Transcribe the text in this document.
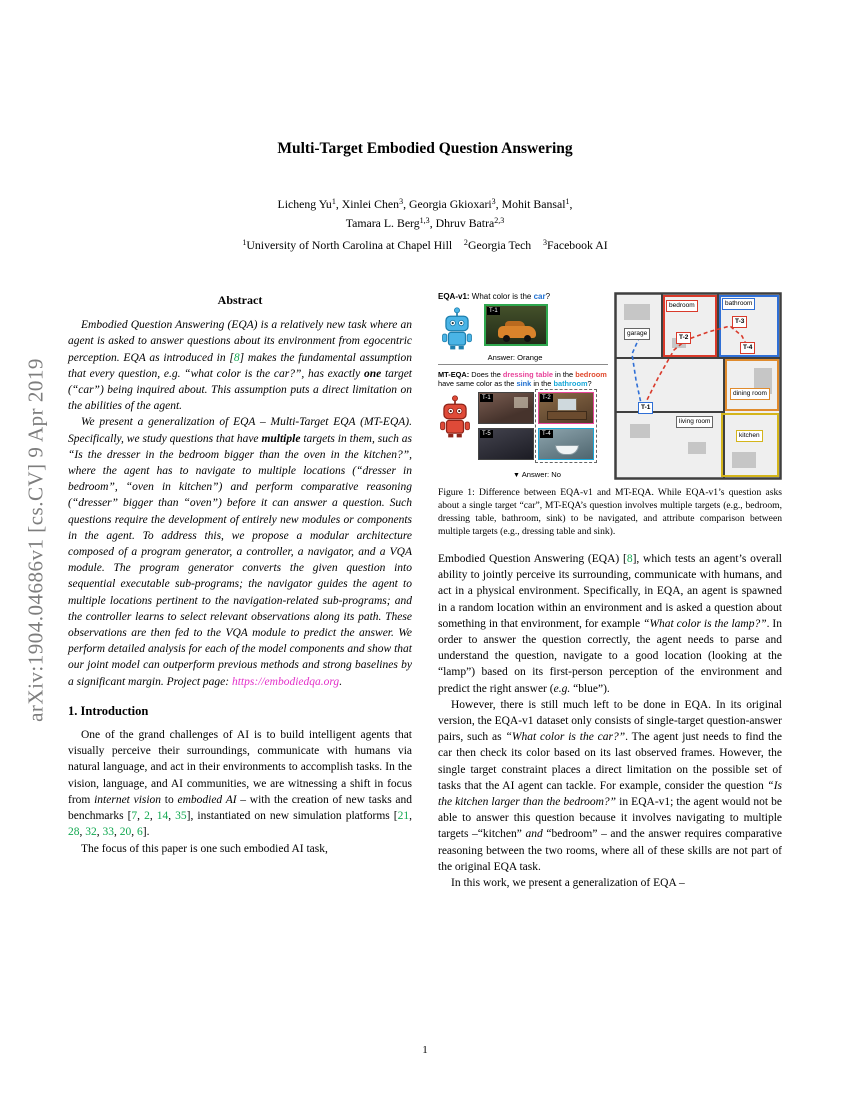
arXiv:1904.04686v1 [cs.CV] 9 Apr 2019
Multi-Target Embodied Question Answering
Licheng Yu$^1$, Xinlei Chen$^3$, Georgia Gkioxari$^3$, Mohit Bansal$^1$,
Tamara L. Berg$^{1,3}$, Dhruv Batra$^{2,3}$
$^1$University of North Carolina at Chapel Hill    $^2$Georgia Tech    $^3$Facebook AI
Abstract

Embodied Question Answering (EQA) is a relatively new task where an agent is asked to answer questions about its environment from egocentric perception. EQA as introduced in [8] makes the fundamental assumption that every question, e.g. “what color is the car?”, has exactly one target (“car”) being inquired about. This assumption puts a direct limitation on the abilities of the agent.

We present a generalization of EQA – Multi-Target EQA (MT-EQA). Specifically, we study questions that have multiple targets in them, such as “Is the dresser in the bedroom bigger than the oven in the kitchen?”, where the agent has to navigate to multiple locations (“dresser in bedroom”, “oven in kitchen”) and perform comparative reasoning (“dresser” bigger than “oven”) before it can answer a question. Such questions require the development of entirely new modules or components in the agent. To address this, we propose a modular architecture composed of a program generator, a controller, a navigator, and a VQA module. The program generator converts the given question into sequential executable sub-programs; the navigator guides the agent to multiple locations pertinent to the navigation-related sub-programs; and the controller learns to select relevant observations along its path. These observations are then fed to the VQA module to predict the answer. We perform detailed analysis for each of the model components and show that our joint model can outperform previous methods and strong baselines by a significant margin. Project page: https://embodiedqa.org.

1. Introduction

One of the grand challenges of AI is to build intelligent agents that visually perceive their surroundings, communicate with humans via natural language, and act in their environments to accomplish tasks. In the vision, language, and AI communities, we are witnessing a shift in focus from internet vision to embodied AI – with the creation of new tasks and benchmarks [7, 2, 14, 35], instantiated on new simulation platforms [21, 28, 32, 33, 20, 6].

The focus of this paper is one such embodied AI task,

EQA-v1: What color is the car?
T-1
Answer: Orange
MT-EQA: Does the dressing table in the bedroom have same color as the sink in the bathroom?
T-1	T-2
T-5	T-4
▼ Answer: No
bedroom	bathroom
garage
dining room
living room
kitchen
T-2
T-3
T-4
T-1
Figure 1: Difference between EQA-v1 and MT-EQA. While EQA-v1’s question asks about a single target “car”, MT-EQA’s question involves multiple targets (e.g., bedroom, dressing table, bathroom, sink) to be navigated, and attribute comparison between multiple targets (e.g., dressing table and sink).

Embodied Question Answering (EQA) [8], which tests an agent’s overall ability to jointly perceive its surrounding, communicate with humans, and act in a physical environment. Specifically, in EQA, an agent is spawned in a random location within an environment and is asked a question about something in that environment, for example “What color is the lamp?”. In order to answer the question correctly, the agent needs to parse and understand the question, navigate to a good location (looking at the “lamp”) based on its first-person perception of the environment and predict the right answer (e.g. “blue”).

However, there is still much left to be done in EQA. In its original version, the EQA-v1 dataset only consists of single-target question-answer pairs, such as “What color is the car?”. The agent just needs to find the car then check its color based on its last observed frames. However, the single target constraint places a direct limitation on the possible set of tasks that the AI agent can tackle. For example, consider the question “Is the kitchen larger than the bedroom?” in EQA-v1; the agent would not be able to answer this question because it involves navigating to multiple targets –“kitchen” and “bedroom” – and the answer requires comparative reasoning between the two rooms, where all of these skills are not part of the original EQA task.

In this work, we present a generalization of EQA –

1
